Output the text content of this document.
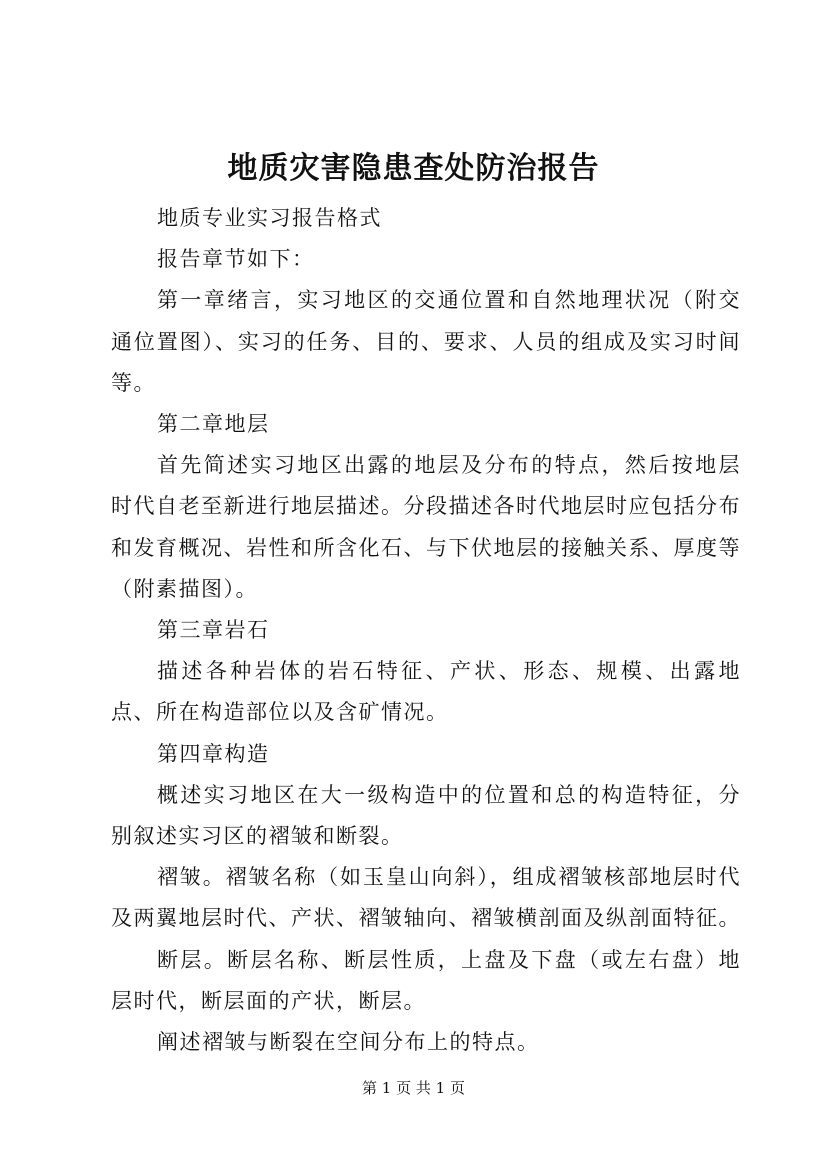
地质灾害隐患查处防治报告

地质专业实习报告格式

报告章节如下：

第一章绪言，实习地区的交通位置和自然地理状况（附交通位置图）、实习的任务、目的、要求、人员的组成及实习时间等。

第二章地层

首先简述实习地区出露的地层及分布的特点，然后按地层时代自老至新进行地层描述。分段描述各时代地层时应包括分布和发育概况、岩性和所含化石、与下伏地层的接触关系、厚度等（附素描图）。

第三章岩石

描述各种岩体的岩石特征、产状、形态、规模、出露地点、所在构造部位以及含矿情况。

第四章构造

概述实习地区在大一级构造中的位置和总的构造特征，分别叙述实习区的褶皱和断裂。

褶皱。褶皱名称（如玉皇山向斜），组成褶皱核部地层时代及两翼地层时代、产状、褶皱轴向、褶皱横剖面及纵剖面特征。

断层。断层名称、断层性质，上盘及下盘（或左右盘）地层时代，断层面的产状，断层。

阐述褶皱与断裂在空间分布上的特点。

第 1 页 共 1 页
